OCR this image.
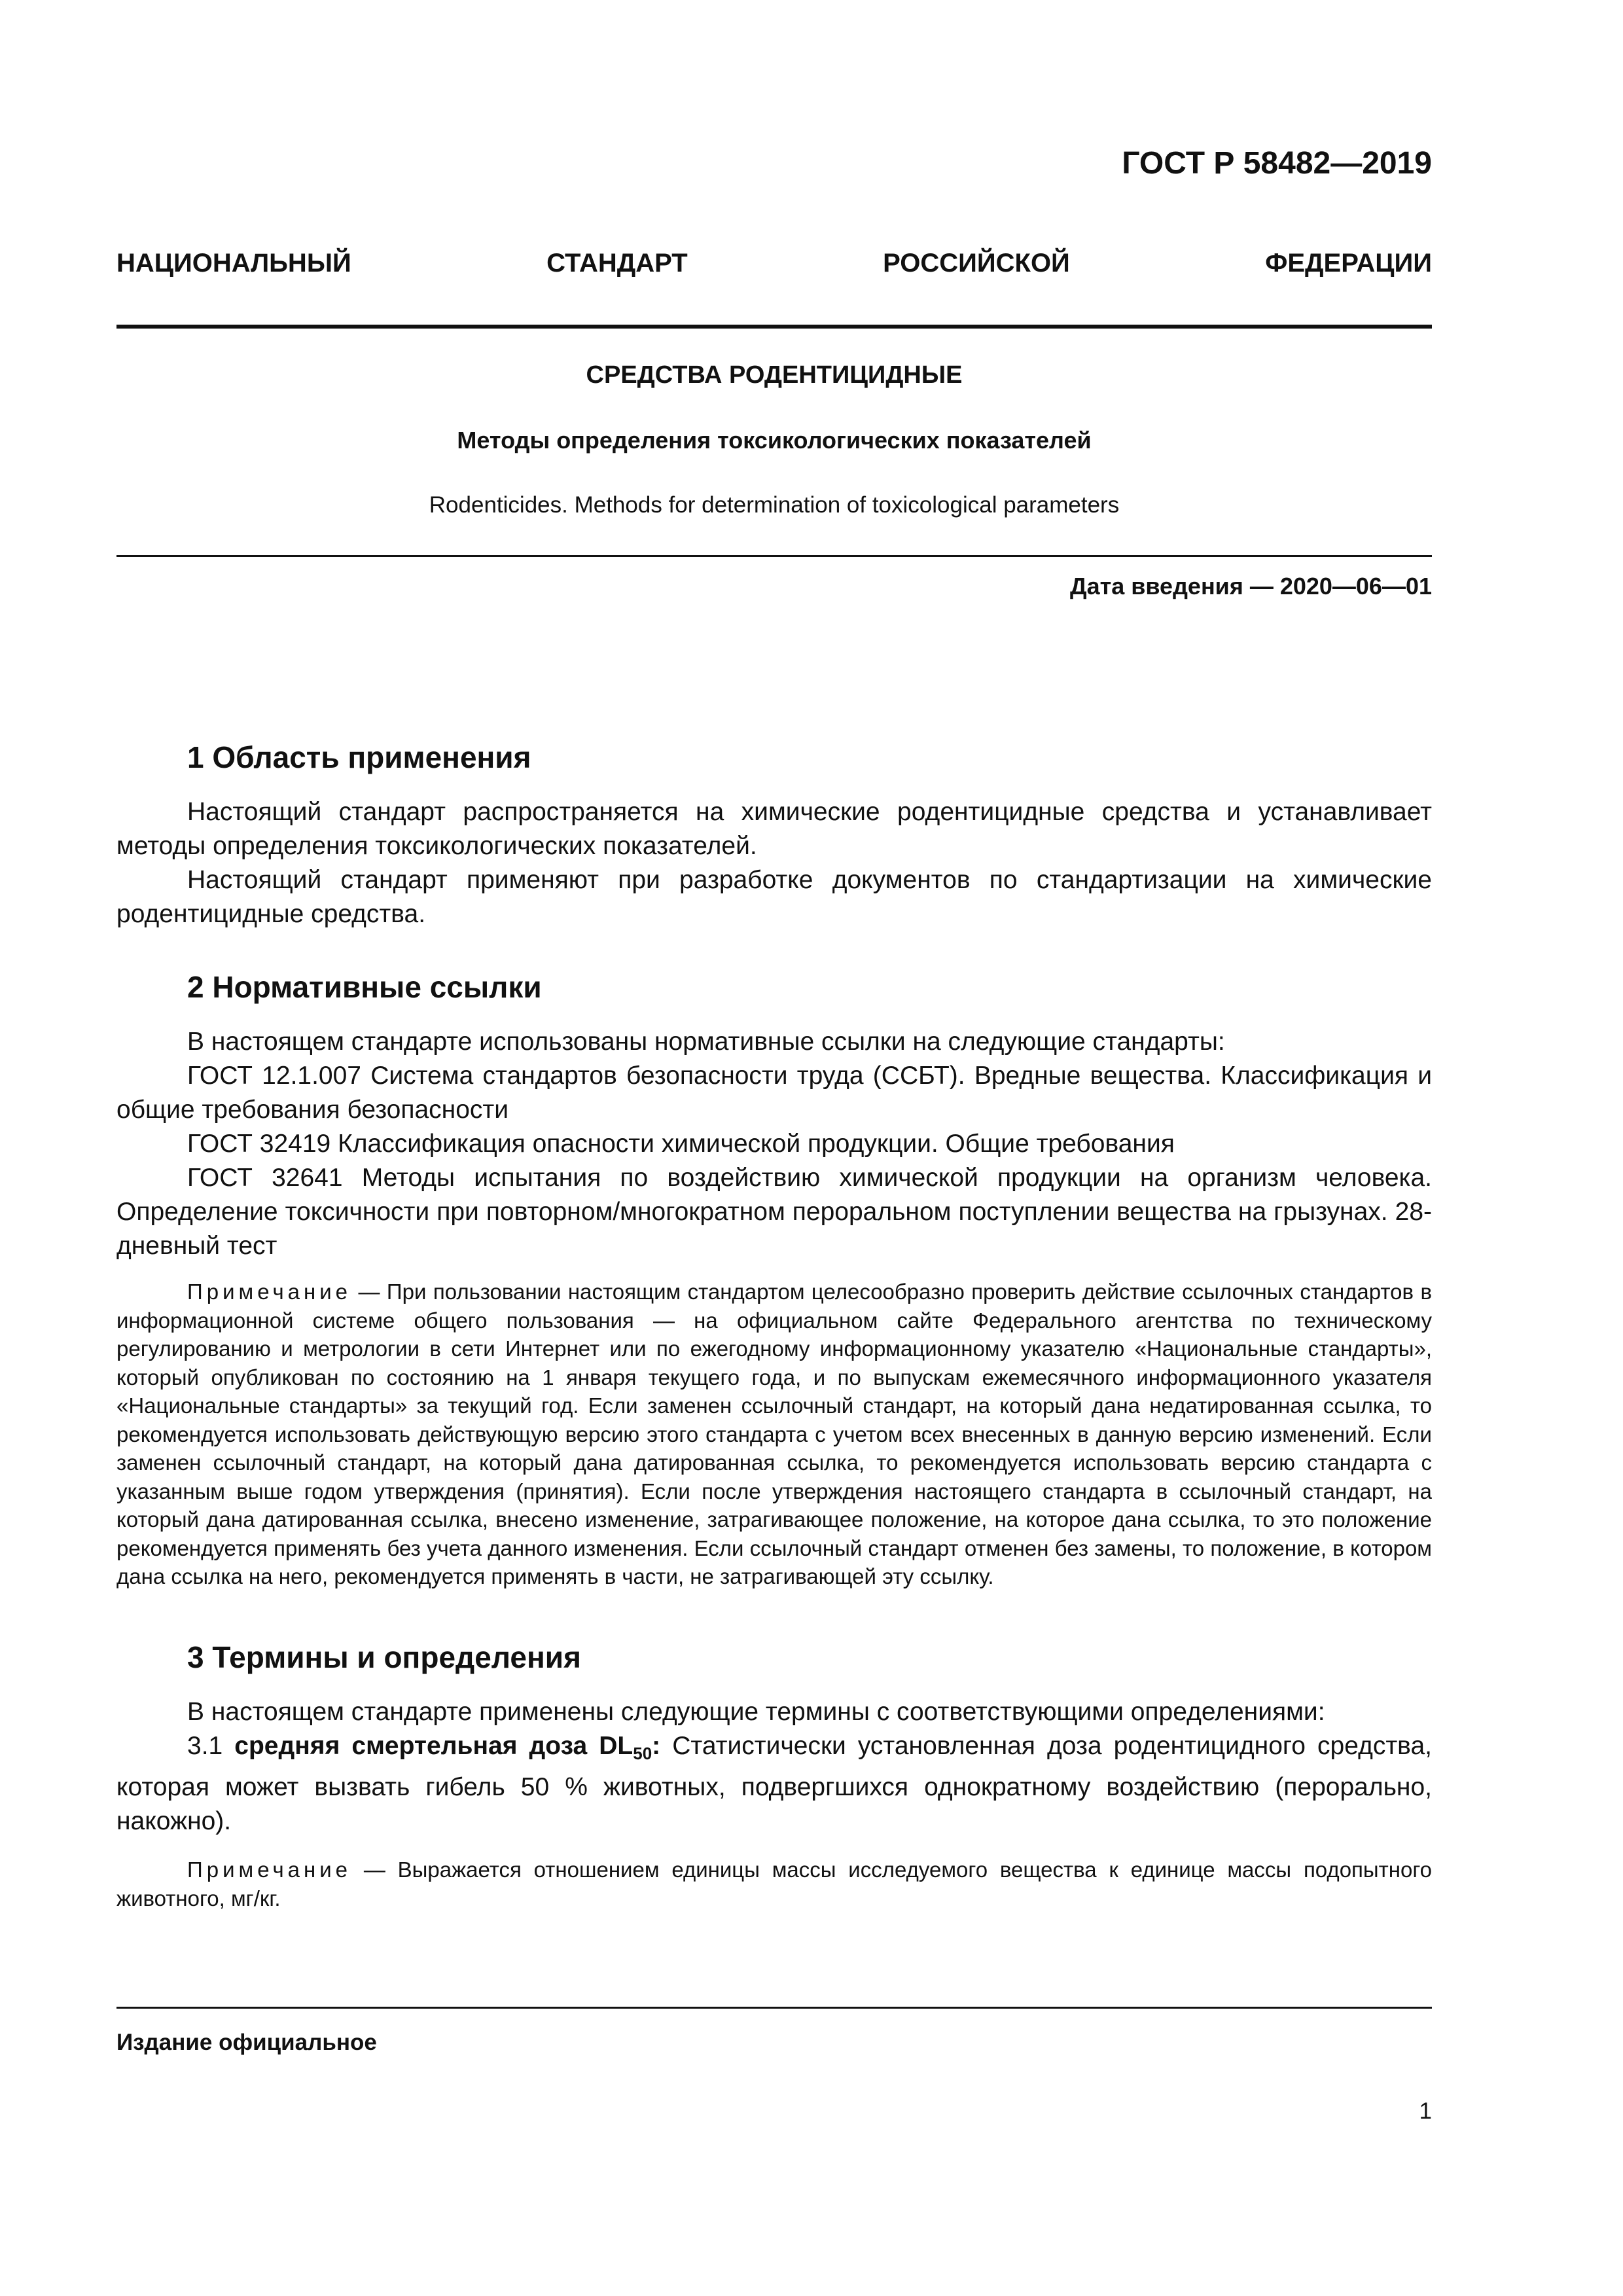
ГОСТ Р 58482—2019
НАЦИОНАЛЬНЫЙ СТАНДАРТ РОССИЙСКОЙ ФЕДЕРАЦИИ
СРЕДСТВА РОДЕНТИЦИДНЫЕ
Методы определения токсикологических показателей
Rodenticides. Methods for determination of toxicological parameters
Дата введения — 2020—06—01
1 Область применения

Настоящий стандарт распространяется на химические родентицидные средства и устанавливает методы определения токсикологических показателей.

Настоящий стандарт применяют при разработке документов по стандартизации на химические родентицидные средства.

2 Нормативные ссылки

В настоящем стандарте использованы нормативные ссылки на следующие стандарты:

ГОСТ 12.1.007 Система стандартов безопасности труда (ССБТ). Вредные вещества. Классификация и общие требования безопасности

ГОСТ 32419 Классификация опасности химической продукции. Общие требования

ГОСТ 32641 Методы испытания по воздействию химической продукции на организм человека. Определение токсичности при повторном/многократном пероральном поступлении вещества на грызунах. 28-дневный тест

Примечание — При пользовании настоящим стандартом целесообразно проверить действие ссылочных стандартов в информационной системе общего пользования — на официальном сайте Федерального агентства по техническому регулированию и метрологии в сети Интернет или по ежегодному информационному указателю «Национальные стандарты», который опубликован по состоянию на 1 января текущего года, и по выпускам ежемесячного информационного указателя «Национальные стандарты» за текущий год. Если заменен ссылочный стандарт, на который дана недатированная ссылка, то рекомендуется использовать действующую версию этого стандарта с учетом всех внесенных в данную версию изменений. Если заменен ссылочный стандарт, на который дана датированная ссылка, то рекомендуется использовать версию стандарта с указанным выше годом утверждения (принятия). Если после утверждения настоящего стандарта в ссылочный стандарт, на который дана датированная ссылка, внесено изменение, затрагивающее положение, на которое дана ссылка, то это положение рекомендуется применять без учета данного изменения. Если ссылочный стандарт отменен без замены, то положение, в котором дана ссылка на него, рекомендуется применять в части, не затрагивающей эту ссылку.

3 Термины и определения

В настоящем стандарте применены следующие термины с соответствующими определениями:

3.1 средняя смертельная доза $DL_{50}$: Статистически установленная доза родентицидного средства, которая может вызвать гибель 50 % животных, подвергшихся однократному воздействию (перорально, накожно).

Примечание — Выражается отношением единицы массы исследуемого вещества к единице массы подопытного животного, мг/кг.

Издание официальное
1
